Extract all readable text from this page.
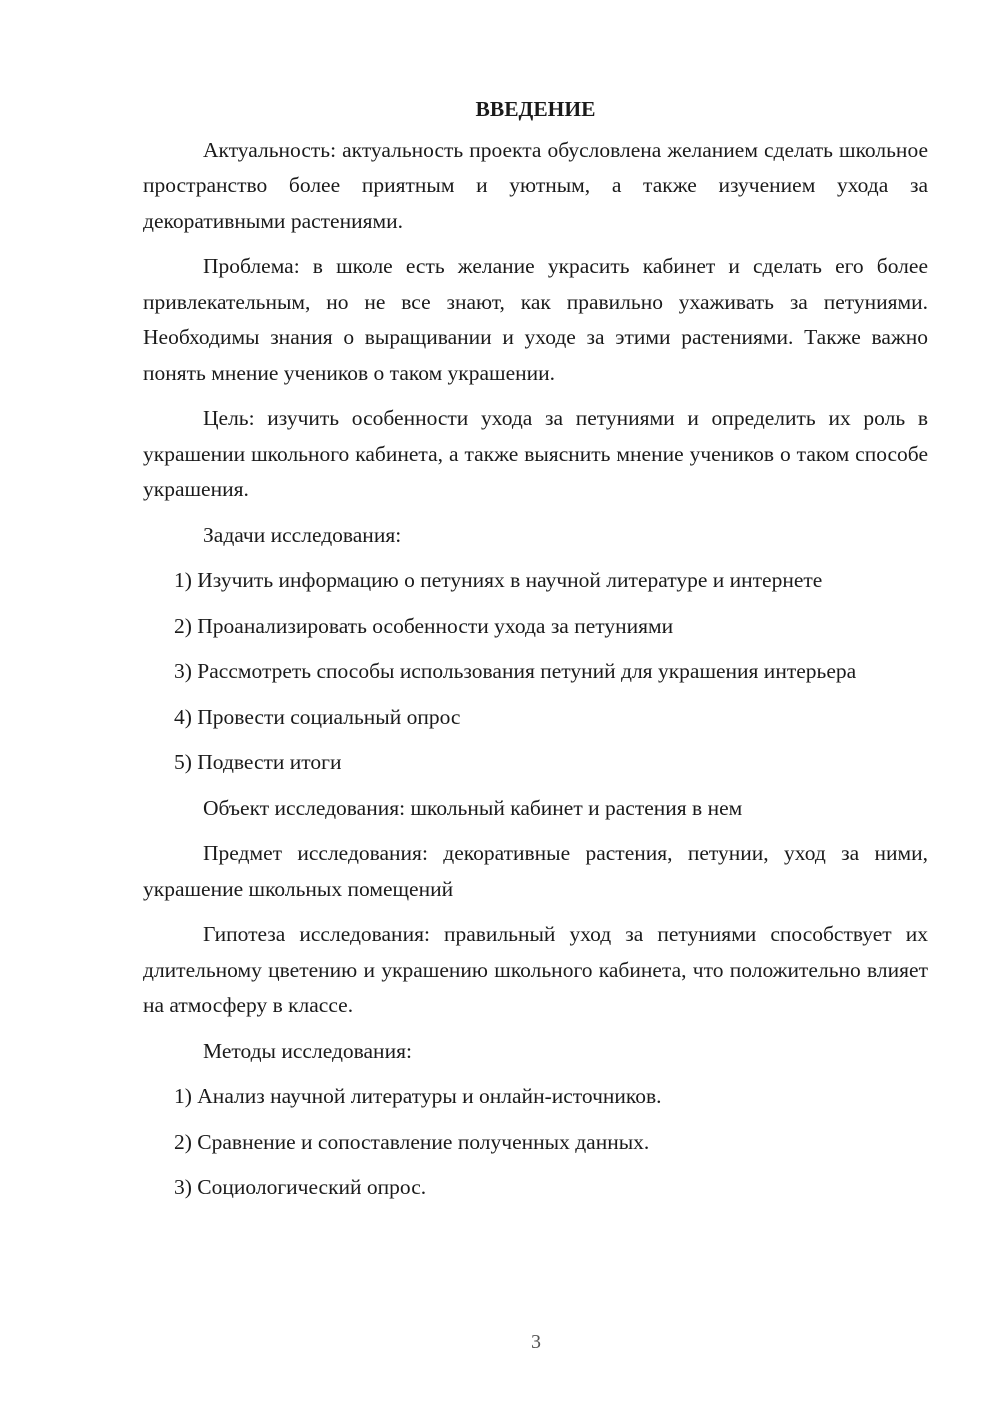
ВВЕДЕНИЕ

Актуальность: актуальность проекта обусловлена желанием сделать школьное пространство более приятным и уютным, а также изучением ухода за декоративными растениями.

Проблема: в школе есть желание украсить кабинет и сделать его более привлекательным, но не все знают, как правильно ухаживать за петуниями. Необходимы знания о выращивании и уходе за этими растениями. Также важно понять мнение учеников о таком украшении.

Цель: изучить особенности ухода за петуниями и определить их роль в украшении школьного кабинета, а также выяснить мнение учеников о таком способе украшения.

Задачи исследования:

1) Изучить информацию о петуниях в научной литературе и интернете

2) Проанализировать особенности ухода за петуниями

3) Рассмотреть способы использования петуний для украшения интерьера

4) Провести социальный опрос

5) Подвести итоги

Объект исследования: школьный кабинет и растения в нем

Предмет исследования: декоративные растения, петунии, уход за ними, украшение школьных помещений

Гипотеза исследования: правильный уход за петуниями способствует их длительному цветению и украшению школьного кабинета, что положительно влияет на атмосферу в классе.

Методы исследования:

1) Анализ научной литературы и онлайн-источников.

2) Сравнение и сопоставление полученных данных.

3) Социологический опрос.

3
